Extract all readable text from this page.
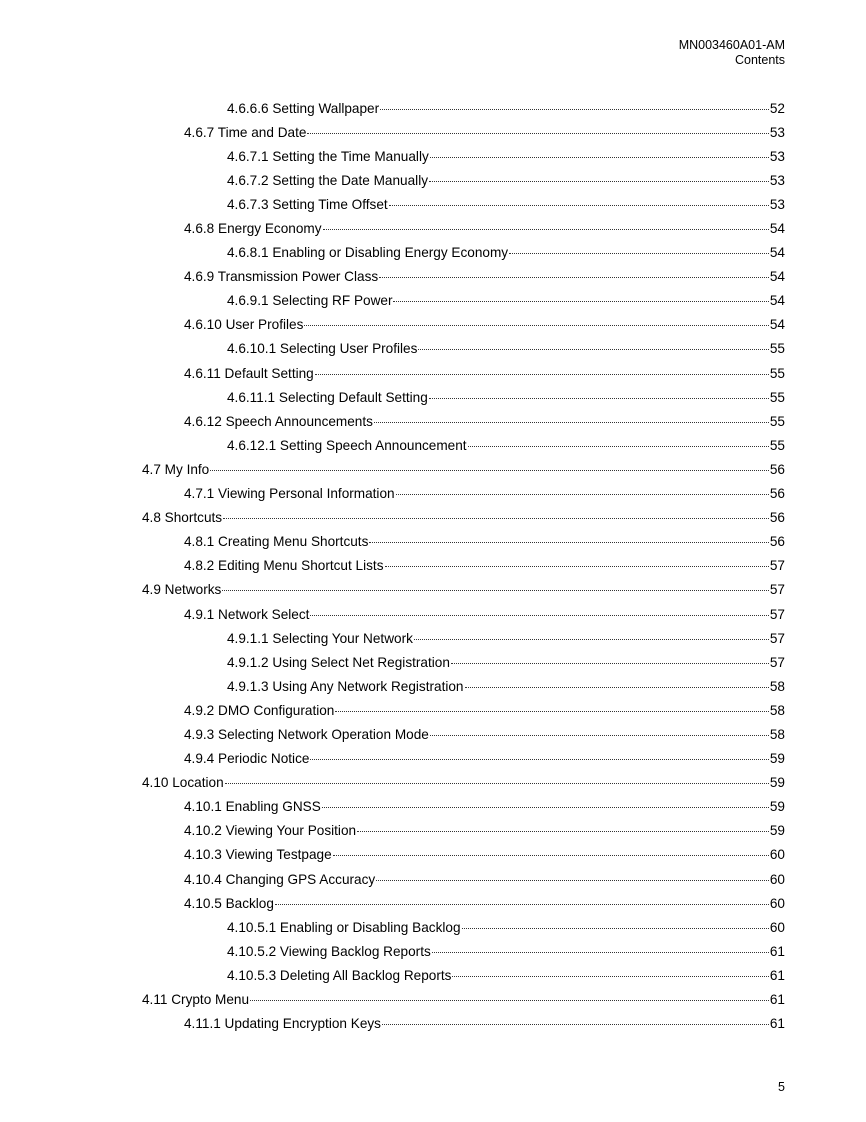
MN003460A01-AM
Contents
4.6.6.6 Setting Wallpaper	52
4.6.7 Time and Date	53
4.6.7.1 Setting the Time Manually	53
4.6.7.2 Setting the Date Manually	53
4.6.7.3 Setting Time Offset	53
4.6.8 Energy Economy	54
4.6.8.1 Enabling or Disabling Energy Economy	54
4.6.9 Transmission Power Class	54
4.6.9.1 Selecting RF Power	54
4.6.10 User Profiles	54
4.6.10.1 Selecting User Profiles	55
4.6.11 Default Setting	55
4.6.11.1 Selecting Default Setting	55
4.6.12 Speech Announcements	55
4.6.12.1 Setting Speech Announcement	55
4.7 My Info	56
4.7.1 Viewing Personal Information	56
4.8 Shortcuts	56
4.8.1 Creating Menu Shortcuts	56
4.8.2 Editing Menu Shortcut Lists	57
4.9 Networks	57
4.9.1 Network Select	57
4.9.1.1 Selecting Your Network	57
4.9.1.2 Using Select Net Registration	57
4.9.1.3 Using Any Network Registration	58
4.9.2 DMO Configuration	58
4.9.3 Selecting Network Operation Mode	58
4.9.4 Periodic Notice	59
4.10 Location	59
4.10.1 Enabling GNSS	59
4.10.2 Viewing Your Position	59
4.10.3 Viewing Testpage	60
4.10.4 Changing GPS Accuracy	60
4.10.5 Backlog	60
4.10.5.1 Enabling or Disabling Backlog	60
4.10.5.2 Viewing Backlog Reports	61
4.10.5.3 Deleting All Backlog Reports	61
4.11 Crypto Menu	61
4.11.1 Updating Encryption Keys	61
5
